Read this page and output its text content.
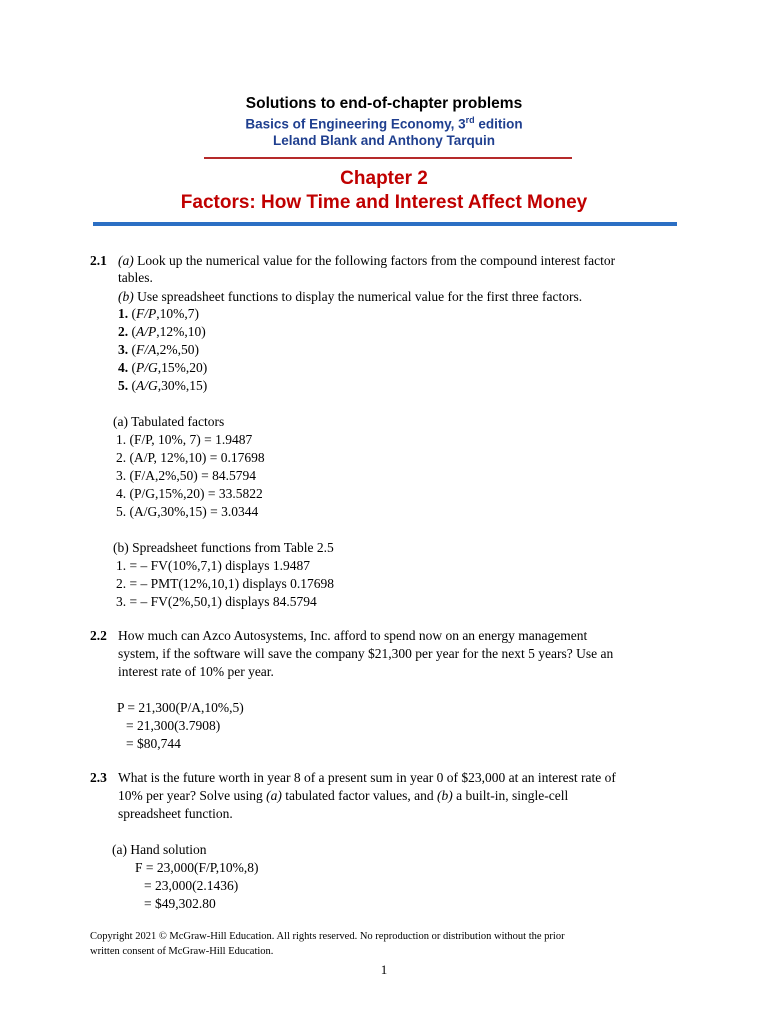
Solutions to end-of-chapter problems
Basics of Engineering Economy, 3rd edition
Leland Blank and Anthony Tarquin
Chapter 2
Factors: How Time and Interest Affect Money
2.1 (a) Look up the numerical value for the following factors from the compound interest factor
tables.
(b) Use spreadsheet functions to display the numerical value for the first three factors.
1. (F/P,10%,7)
2. (A/P,12%,10)
3. (F/A,2%,50)
4. (P/G,15%,20)
5. (A/G,30%,15)
(a) Tabulated factors
1. (F/P, 10%, 7) = 1.9487
2. (A/P, 12%,10) = 0.17698
3. (F/A,2%,50) = 84.5794
4. (P/G,15%,20) = 33.5822
5. (A/G,30%,15) = 3.0344
(b) Spreadsheet functions from Table 2.5
1. = – FV(10%,7,1) displays 1.9487
2. = – PMT(12%,10,1) displays 0.17698
3. = – FV(2%,50,1) displays 84.5794
2.2 How much can Azco Autosystems, Inc. afford to spend now on an energy management
system, if the software will save the company $21,300 per year for the next 5 years? Use an
interest rate of 10% per year.
P = 21,300(P/A,10%,5)
= 21,300(3.7908)
= $80,744
2.3 What is the future worth in year 8 of a present sum in year 0 of $23,000 at an interest rate of
10% per year? Solve using (a) tabulated factor values, and (b) a built-in, single-cell
spreadsheet function.
(a) Hand solution
F = 23,000(F/P,10%,8)
= 23,000(2.1436)
= $49,302.80
Copyright 2021 © McGraw-Hill Education. All rights reserved. No reproduction or distribution without the prior
written consent of McGraw-Hill Education.
1
